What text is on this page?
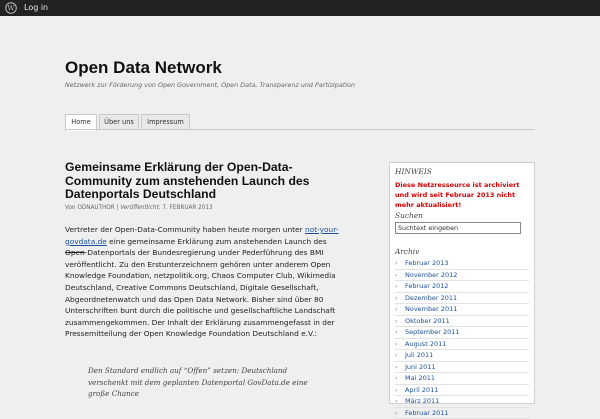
W Log in
Open Data Network
Netzwerk zur Förderung von Open Government, Open Data, Transparenz und Partizipation
Home	Über uns	Impressum
Gemeinsame Erklärung der Open-Data-Community zum anstehenden Launch des Datenportals Deutschland
Von ODNAUTHOR | Veröffentlicht: 7. FEBRUAR 2013
Vertreter der Open-Data-Community haben heute morgen unter not-your-govdata.de eine gemeinsame Erklärung zum anstehenden Launch des Open-Datenportals der Bundesregierung under Pederführung des BMI veröffentlicht. Zu den Erstunterzeichnern gehören unter anderem Open Knowledge Foundation, netzpolitik.org, Chaos Computer Club, Wikimedia Deutschland, Creative Commons Deutschland, Digitale Gesellschaft, Abgeordnetenwatch und das Open Data Network. Bisher sind über 80 Unterschriften bunt durch die politische und gesellschaftliche Landschaft zusammengekommen. Der Inhalt der Erklärung zusammengefasst in der Pressemitteilung der Open Knowledge Foundation Deutschland e.V.:
Den Standard endlich auf “Offen” setzen: Deutschland verschenkt mit dem geplanten Datenportal GovData.de eine große Chance
HINWEIS
Diese Netzressource ist archiviert und wird seit Februar 2013 nicht mehr aktualisiert!
Suchen
Suchtext eingeben
Archiv
› Februar 2013
› November 2012
› Februar 2012
› Dezember 2011
› November 2011
› Oktober 2011
› September 2011
› August 2011
› Juli 2011
› Juni 2011
› Mai 2011
› April 2011
› März 2011
› Februar 2011
